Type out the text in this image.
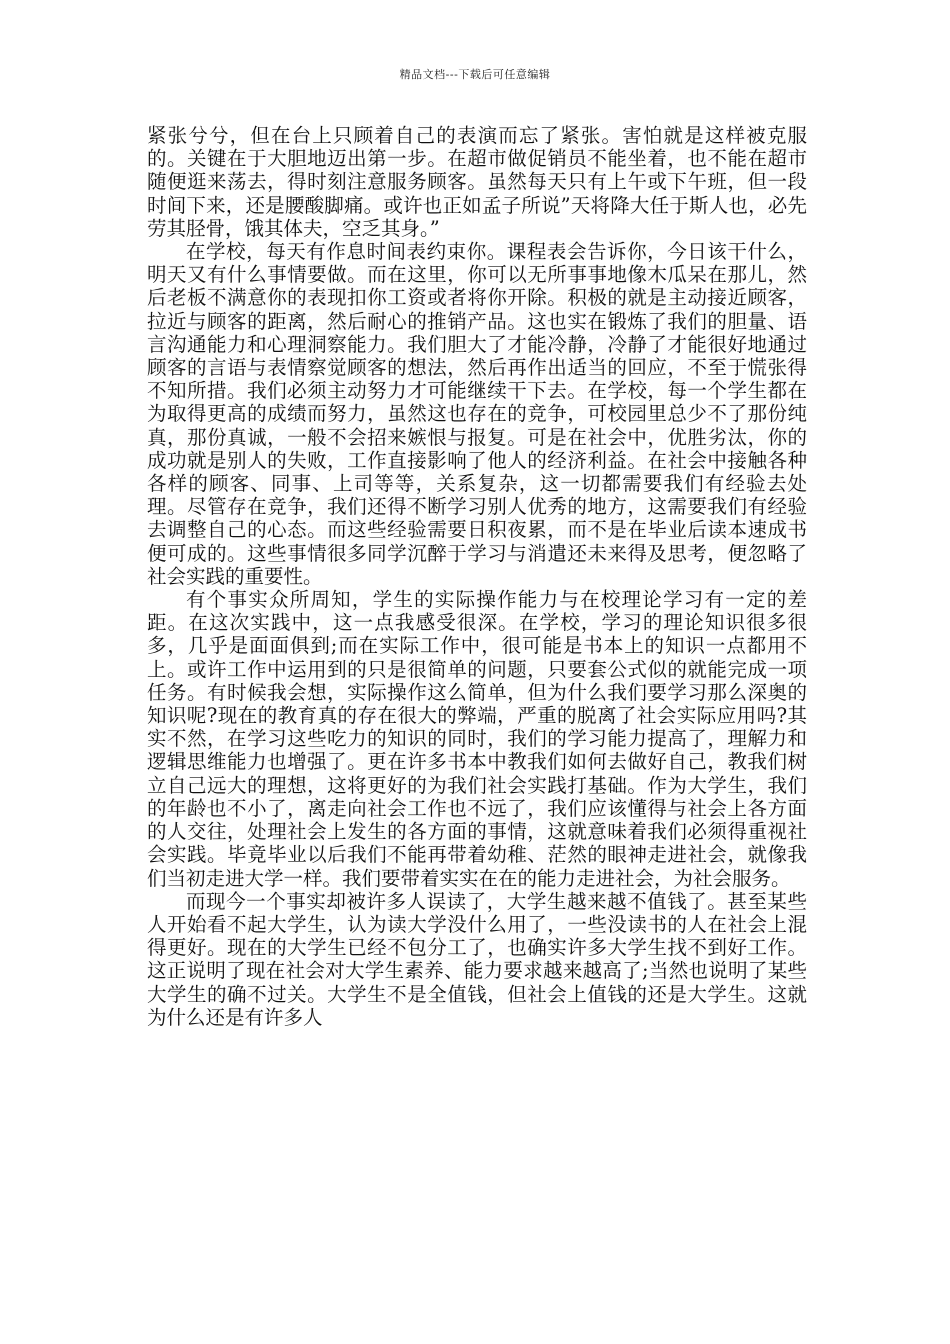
精品文档---下载后可任意编辑

紧张兮兮，但在台上只顾着自己的表演而忘了紧张。害怕就是这样被克服的。关键在于大胆地迈出第一步。在超市做促销员不能坐着，也不能在超市随便逛来荡去，得时刻注意服务顾客。虽然每天只有上午或下午班，但一段时间下来，还是腰酸脚痛。或许也正如孟子所说”天将降大任于斯人也，必先劳其胫骨，饿其体夫，空乏其身。”

在学校，每天有作息时间表约束你。课程表会告诉你，今日该干什么，明天又有什么事情要做。而在这里，你可以无所事事地像木瓜呆在那儿，然后老板不满意你的表现扣你工资或者将你开除。积极的就是主动接近顾客，拉近与顾客的距离，然后耐心的推销产品。这也实在锻炼了我们的胆量、语言沟通能力和心理洞察能力。我们胆大了才能冷静，冷静了才能很好地通过顾客的言语与表情察觉顾客的想法，然后再作出适当的回应，不至于慌张得不知所措。我们必须主动努力才可能继续干下去。在学校，每一个学生都在为取得更高的成绩而努力，虽然这也存在的竞争，可校园里总少不了那份纯真，那份真诚，一般不会招来嫉恨与报复。可是在社会中，优胜劣汰，你的成功就是别人的失败，工作直接影响了他人的经济利益。在社会中接触各种各样的顾客、同事、上司等等，关系复杂，这一切都需要我们有经验去处理。尽管存在竞争，我们还得不断学习别人优秀的地方，这需要我们有经验去调整自己的心态。而这些经验需要日积夜累，而不是在毕业后读本速成书便可成的。这些事情很多同学沉醉于学习与消遣还未来得及思考，便忽略了社会实践的重要性。

有个事实众所周知，学生的实际操作能力与在校理论学习有一定的差距。在这次实践中，这一点我感受很深。在学校，学习的理论知识很多很多，几乎是面面俱到;而在实际工作中，很可能是书本上的知识一点都用不上。或许工作中运用到的只是很简单的问题，只要套公式似的就能完成一项任务。有时候我会想，实际操作这么简单，但为什么我们要学习那么深奥的知识呢?现在的教育真的存在很大的弊端，严重的脱离了社会实际应用吗?其实不然，在学习这些吃力的知识的同时，我们的学习能力提高了，理解力和逻辑思维能力也增强了。更在许多书本中教我们如何去做好自己，教我们树立自己远大的理想，这将更好的为我们社会实践打基础。作为大学生，我们的年龄也不小了，离走向社会工作也不远了，我们应该懂得与社会上各方面的人交往，处理社会上发生的各方面的事情，这就意味着我们必须得重视社会实践。毕竟毕业以后我们不能再带着幼稚、茫然的眼神走进社会，就像我们当初走进大学一样。我们要带着实实在在的能力走进社会，为社会服务。

而现今一个事实却被许多人误读了，大学生越来越不值钱了。甚至某些人开始看不起大学生，认为读大学没什么用了，一些没读书的人在社会上混得更好。现在的大学生已经不包分工了，也确实许多大学生找不到好工作。这正说明了现在社会对大学生素养、能力要求越来越高了;当然也说明了某些大学生的确不过关。大学生不是全值钱，但社会上值钱的还是大学生。这就为什么还是有许多人
